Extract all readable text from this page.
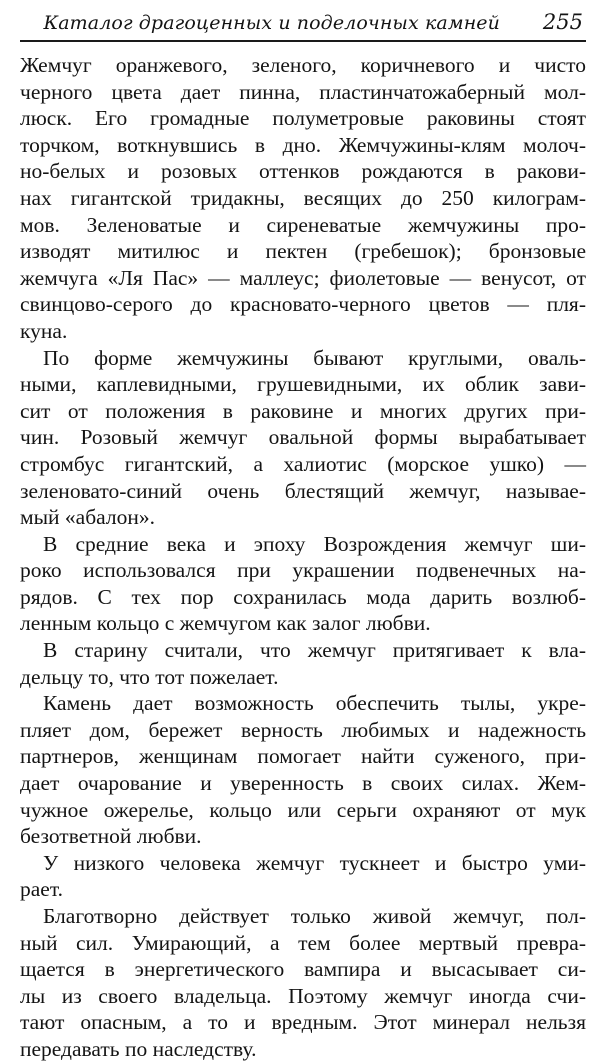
Каталог драгоценных и поделочных камней 255
Жемчуг оранжевого, зеленого, коричневого и чисто
черного цвета дает пинна, пластинчатожаберный мол-
люск. Его громадные полуметровые раковины стоят
торчком, воткнувшись в дно. Жемчужины-клям молоч-
но-белых и розовых оттенков рождаются в ракови-
нах гигантской тридакны, весящих до 250 килограм-
мов. Зеленоватые и сиреневатые жемчужины про-
изводят митилюс и пектен (гребешок); бронзовые
жемчуга «Ля Пас» — маллеус; фиолетовые — венусот, от
свинцово-серого до красновато-черного цветов — пля-
куна.
По форме жемчужины бывают круглыми, оваль-
ными, каплевидными, грушевидными, их облик зави-
сит от положения в раковине и многих других при-
чин. Розовый жемчуг овальной формы вырабатывает
стромбус гигантский, а халиотис (морское ушко) —
зеленовато-синий очень блестящий жемчуг, называе-
мый «абалон».
В средние века и эпоху Возрождения жемчуг ши-
роко использовался при украшении подвенечных на-
рядов. С тех пор сохранилась мода дарить возлюб-
ленным кольцо с жемчугом как залог любви.
В старину считали, что жемчуг притягивает к вла-
дельцу то, что тот пожелает.
Камень дает возможность обеспечить тылы, укре-
пляет дом, бережет верность любимых и надежность
партнеров, женщинам помогает найти суженого, при-
дает очарование и уверенность в своих силах. Жем-
чужное ожерелье, кольцо или серьги охраняют от мук
безответной любви.
У низкого человека жемчуг тускнеет и быстро уми-
рает.
Благотворно действует только живой жемчуг, пол-
ный сил. Умирающий, а тем более мертвый превра-
щается в энергетического вампира и высасывает си-
лы из своего владельца. Поэтому жемчуг иногда счи-
тают опасным, а то и вредным. Этот минерал нельзя
передавать по наследству.
